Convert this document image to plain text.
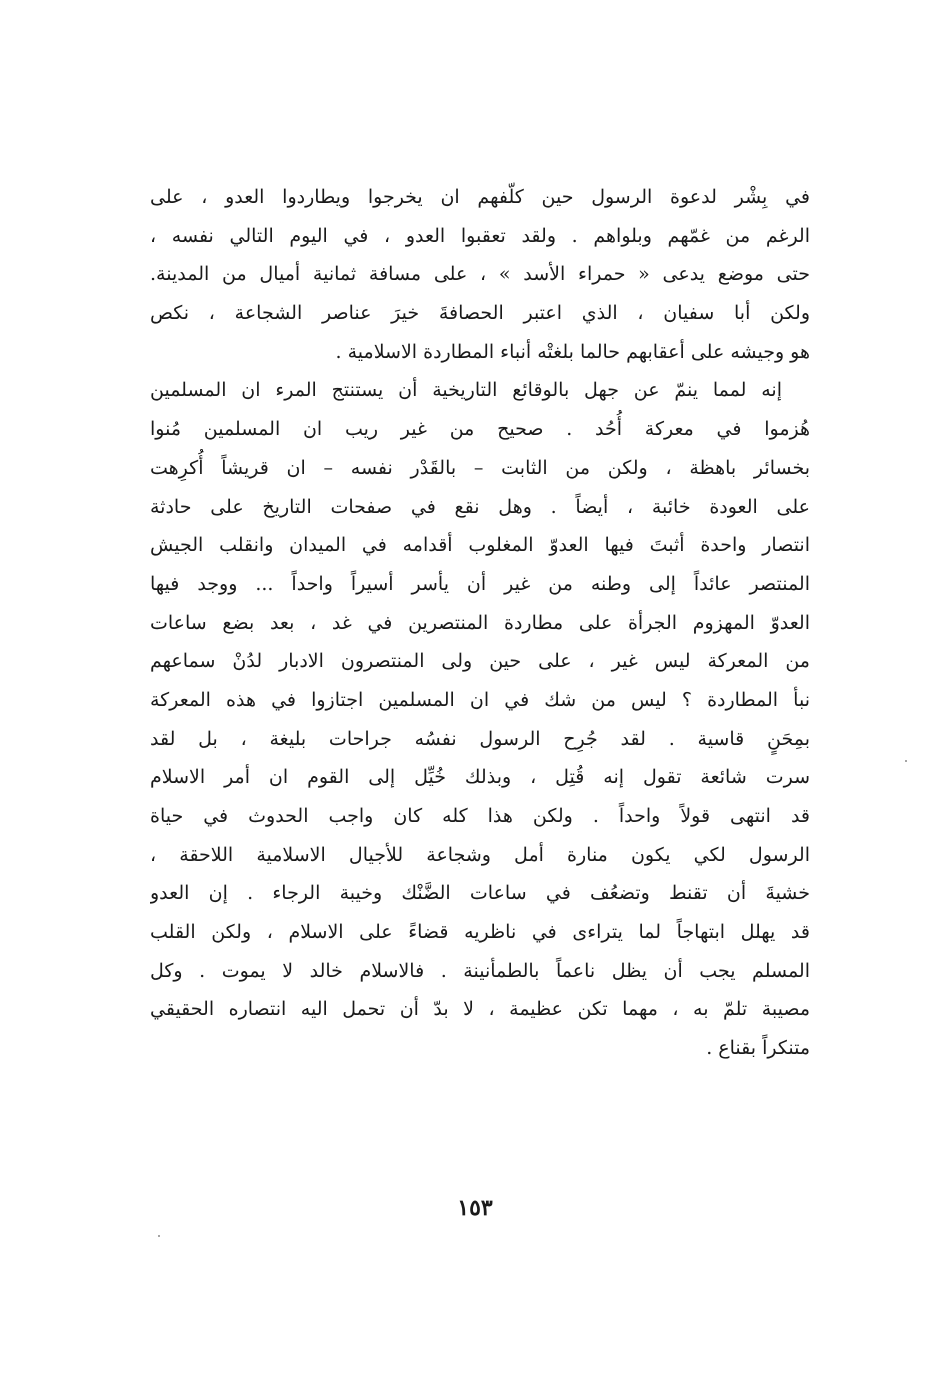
في بِشْر لدعوة الرسول حين كلّفهم ان يخرجوا ويطاردوا العدو ، على
الرغم من غمّهم وبلواهم . ولقد تعقبوا العدو ، في اليوم التالي نفسه ،
حتى موضع يدعى « حمراء الأسد » ، على مسافة ثمانية أميال من المدينة.
ولكن أبا سفيان ، الذي اعتبر الحصافةَ خيرَ عناصر الشجاعة ، نكص
هو وجيشه على أعقابهم حالما بلغتْه أنباء المطاردة الاسلامية .
إنه لمما ينمّ عن جهل بالوقائع التاريخية أن يستنتج المرء ان المسلمين
هُزموا في معركة أُحُد . صحيح من غير ريب ان المسلمين مُنوا
بخسائر باهظة ، ولكن من الثابت – بالقَدْر نفسه – ان قريشاً أُكرِهت
على العودة خائبة ، أيضاً . وهل نقع في صفحات التاريخ على حادثة
انتصار واحدة أثبتَ فيها العدوّ المغلوب أقدامه في الميدان وانقلب الجيش
المنتصر عائداً إلى وطنه من غير أن يأسر أسيراً واحداً ... ووجد فيها
العدوّ المهزوم الجرأة على مطاردة المنتصرين في غد ، بعد بضع ساعات
من المعركة ليس غير ، على حين ولى المنتصرون الادبار لدُنْ سماعهم
نبأ المطاردة ؟ ليس من شك في ان المسلمين اجتازوا في هذه المعركة
بمِحَنٍ قاسية . لقد جُرِح الرسول نفسُه جراحات بليغة ، بل لقد
سرت شائعة تقول إنه قُتِل ، وبذلك خُيِّل إلى القوم ان أمر الاسلام
قد انتهى قولاً واحداً . ولكن هذا كله كان واجب الحدوث في حياة
الرسول لكي يكون منارة أمل وشجاعة للأجيال الاسلامية اللاحقة ،
خشيةَ أن تقنط وتضعُف في ساعات الضَّنْك وخيبة الرجاء . إن العدو
قد يهلل ابتهاجاً لما يتراءى في ناظريه قضاءً على الاسلام ، ولكن القلب
المسلم يجب أن يظل ناعماً بالطمأنينة . فالاسلام خالد لا يموت . وكل
مصيبة تلمّ به ، مهما تكن عظيمة ، لا بدّ أن تحمل اليه انتصاره الحقيقي
متنكراً بقناع .
١٥٣
